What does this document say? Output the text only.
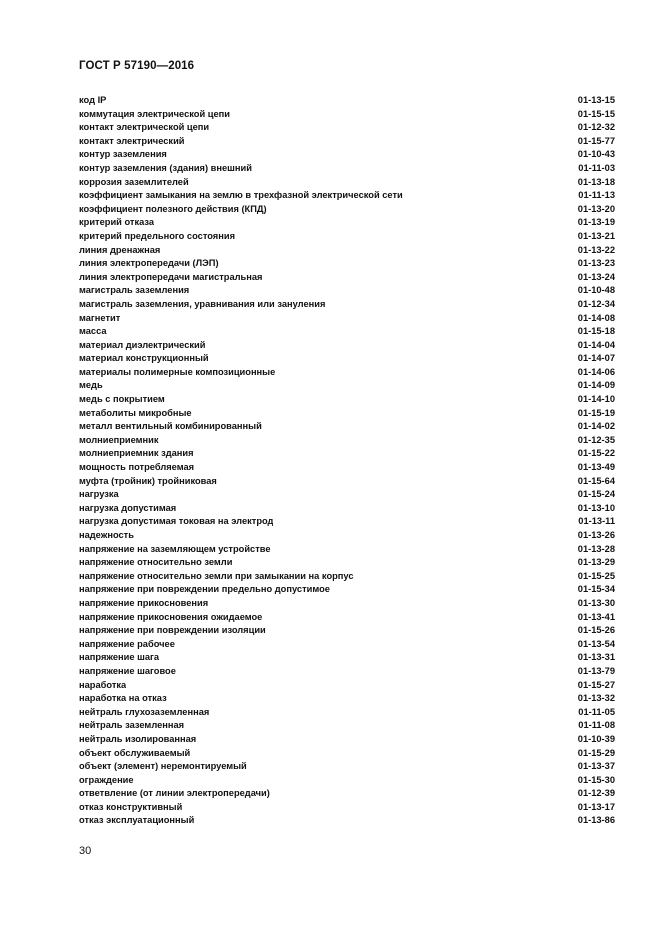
ГОСТ Р 57190—2016
код IP	01-13-15
коммутация электрической цепи	01-15-15
контакт электрической цепи	01-12-32
контакт электрический	01-15-77
контур заземления	01-10-43
контур заземления (здания) внешний	01-11-03
коррозия заземлителей	01-13-18
коэффициент замыкания на землю в трехфазной электрической сети	01-11-13
коэффициент полезного действия (КПД)	01-13-20
критерий отказа	01-13-19
критерий предельного состояния	01-13-21
линия дренажная	01-13-22
линия электропередачи (ЛЭП)	01-13-23
линия электропередачи магистральная	01-13-24
магистраль заземления	01-10-48
магистраль заземления, уравнивания или зануления	01-12-34
магнетит	01-14-08
масса	01-15-18
материал диэлектрический	01-14-04
материал конструкционный	01-14-07
материалы полимерные композиционные	01-14-06
медь	01-14-09
медь с покрытием	01-14-10
метаболиты микробные	01-15-19
металл вентильный комбинированный	01-14-02
молниеприемник	01-12-35
молниеприемник здания	01-15-22
мощность потребляемая	01-13-49
муфта (тройник) тройниковая	01-15-64
нагрузка	01-15-24
нагрузка допустимая	01-13-10
нагрузка допустимая токовая на электрод	01-13-11
надежность	01-13-26
напряжение на заземляющем устройстве	01-13-28
напряжение относительно земли	01-13-29
напряжение относительно земли при замыкании на корпус	01-15-25
напряжение при повреждении предельно допустимое	01-15-34
напряжение прикосновения	01-13-30
напряжение прикосновения ожидаемое	01-13-41
напряжение при повреждении изоляции	01-15-26
напряжение рабочее	01-13-54
напряжение шага	01-13-31
напряжение шаговое	01-13-79
наработка	01-15-27
наработка на отказ	01-13-32
нейтраль глухозаземленная	01-11-05
нейтраль заземленная	01-11-08
нейтраль изолированная	01-10-39
объект обслуживаемый	01-15-29
объект (элемент) неремонтируемый	01-13-37
ограждение	01-15-30
ответвление (от линии электропередачи)	01-12-39
отказ конструктивный	01-13-17
отказ эксплуатационный	01-13-86
30
